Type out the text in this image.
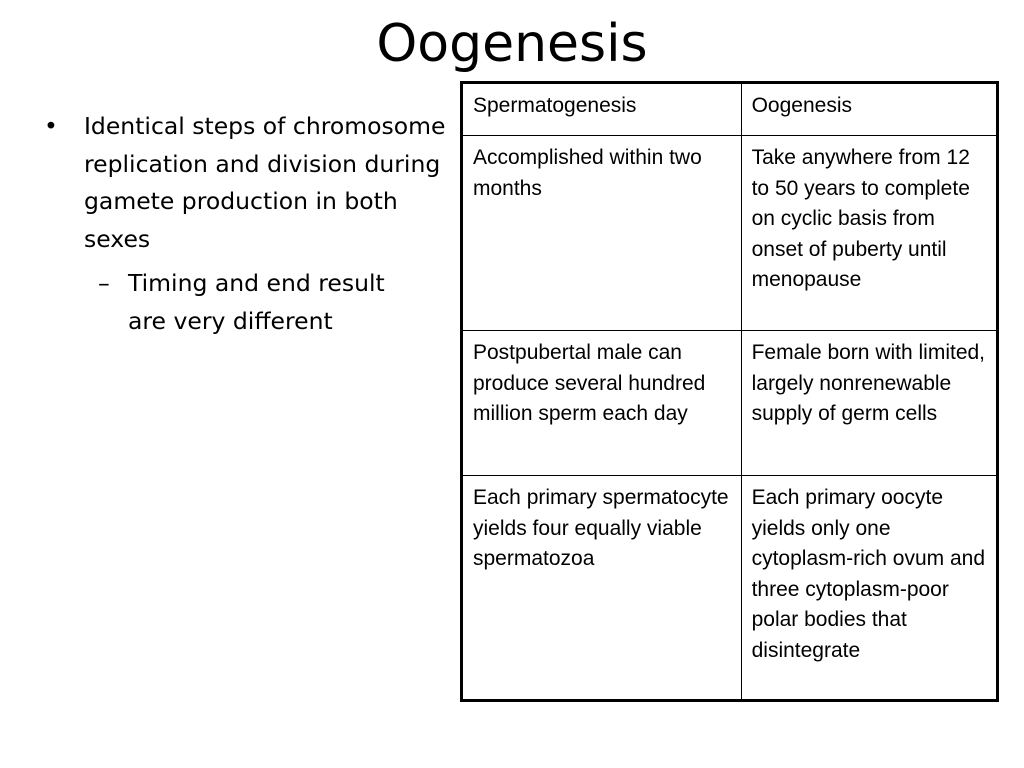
Oogenesis
• Identical steps of chromosome replication and division during gamete production in both sexes
– Timing and end result are very different
Spermatogenesis	Oogenesis
Accomplished within two months	Take anywhere from 12 to 50 years to complete on cyclic basis from onset of puberty until menopause
Postpubertal male can produce several hundred million sperm each day	Female born with limited, largely nonrenewable supply of germ cells
Each primary spermatocyte yields four equally viable spermatozoa	Each primary oocyte yields only one cytoplasm-rich ovum and three cytoplasm-poor polar bodies that disintegrate
